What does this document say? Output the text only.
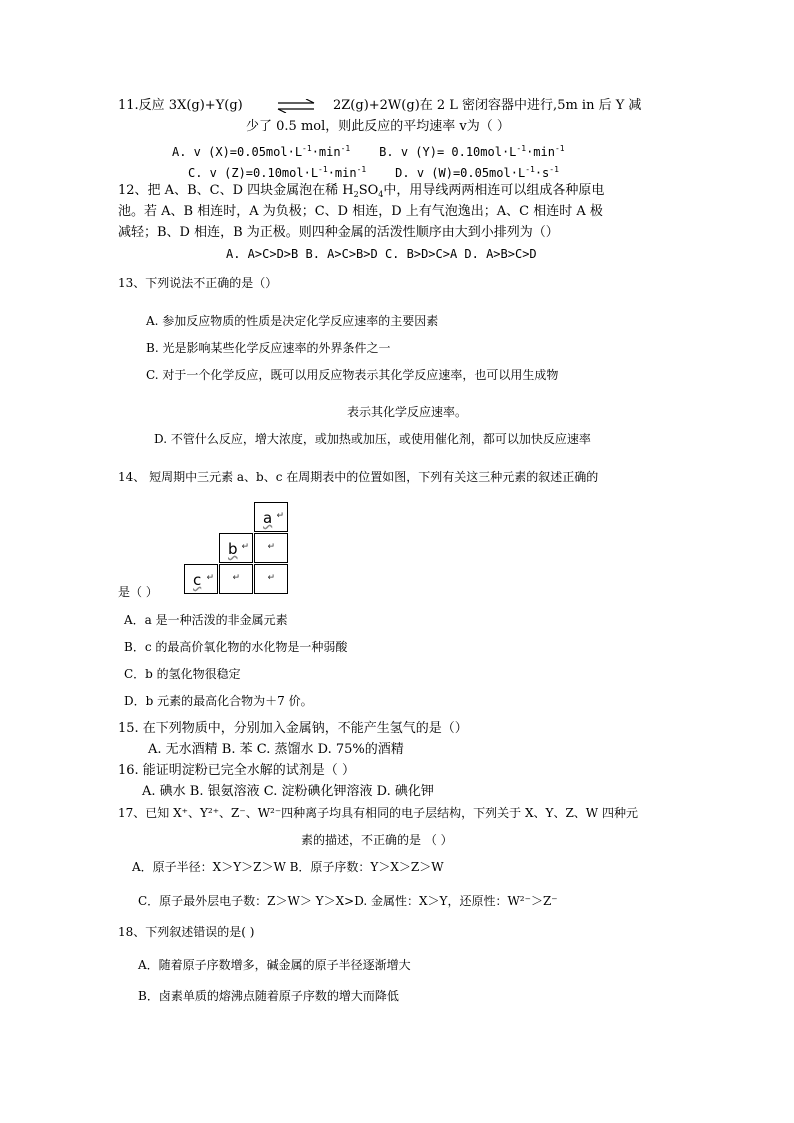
11.反应 3X(g)+Y(g)	⇌ 2Z(g)+2W(g)在 2 L 密闭容器中进行,5m in 后 Y 减
少了 0.5 mol，则此反应的平均速率 v为（ ）
A. v $(X)=0.05mol\cdot L^{-1}\cdot\min^{-1}$ B. v $(Y)= 0.10mol\cdot L^{-1}\cdot\min^{-1}$
C. v $(Z)=0.10mol\cdot L^{-1}\cdot\min^{-1}$ D. v $(W)=0.05mol\cdot L^{-1}\cdot s^{-1}$
12、把 A、B、C、D 四块金属泡在稀 $H_2SO_4$中，用导线两两相连可以组成各种原电
池。若 A、B 相连时，A 为负极；C、D 相连，D 上有气泡逸出；A、C 相连时 A 极
减轻；B、D 相连，B 为正极。则四种金属的活泼性顺序由大到小排列为（）
A. A>C>D>B B. A>C>B>D C. B>D>C>A D. A>B>C>D
13、下列说法不正确的是（）
A. 参加反应物质的性质是决定化学反应速率的主要因素
B. 光是影响某些化学反应速率的外界条件之一
C. 对于一个化学反应，既可以用反应物表示其化学反应速率，也可以用生成物
表示其化学反应速率。
D. 不管什么反应，增大浓度，或加热或加压，或使用催化剂，都可以加快反应速率
14、 短周期中三元素 a、b、c 在周期表中的位置如图，下列有关这三种元素的叙述正确的
a ↵
b ↵ ↵
c ↵ ↵	↵
是（ ）
A．a 是一种活泼的非金属元素
B．c 的最高价氧化物的水化物是一种弱酸
C．b 的氢化物很稳定
D．b 元素的最高化合物为＋7 价。
15. 在下列物质中，分别加入金属钠，不能产生氢气的是（）
A. 无水酒精 B. 苯 C. 蒸馏水 D. 75%的酒精
16. 能证明淀粉已完全水解的试剂是（ ）
A. 碘水 B. 银氨溶液 C. 淀粉碘化钾溶液 D. 碘化钾
17、已知 X⁺、Y²⁺、Z⁻、W²⁻四种离子均具有相同的电子层结构，下列关于 X、Y、Z、W 四种元
素的描述，不正确的是 （ ）
A．原子半径：X＞Y＞Z＞W B．原子序数：Y＞X＞Z＞W
C．原子最外层电子数：Z＞W＞ Y＞X>D. 金属性：X＞Y，还原性：W²⁻＞Z⁻
18、下列叙述错误的是( )
A．随着原子序数增多，碱金属的原子半径逐渐增大
B．卤素单质的熔沸点随着原子序数的增大而降低
